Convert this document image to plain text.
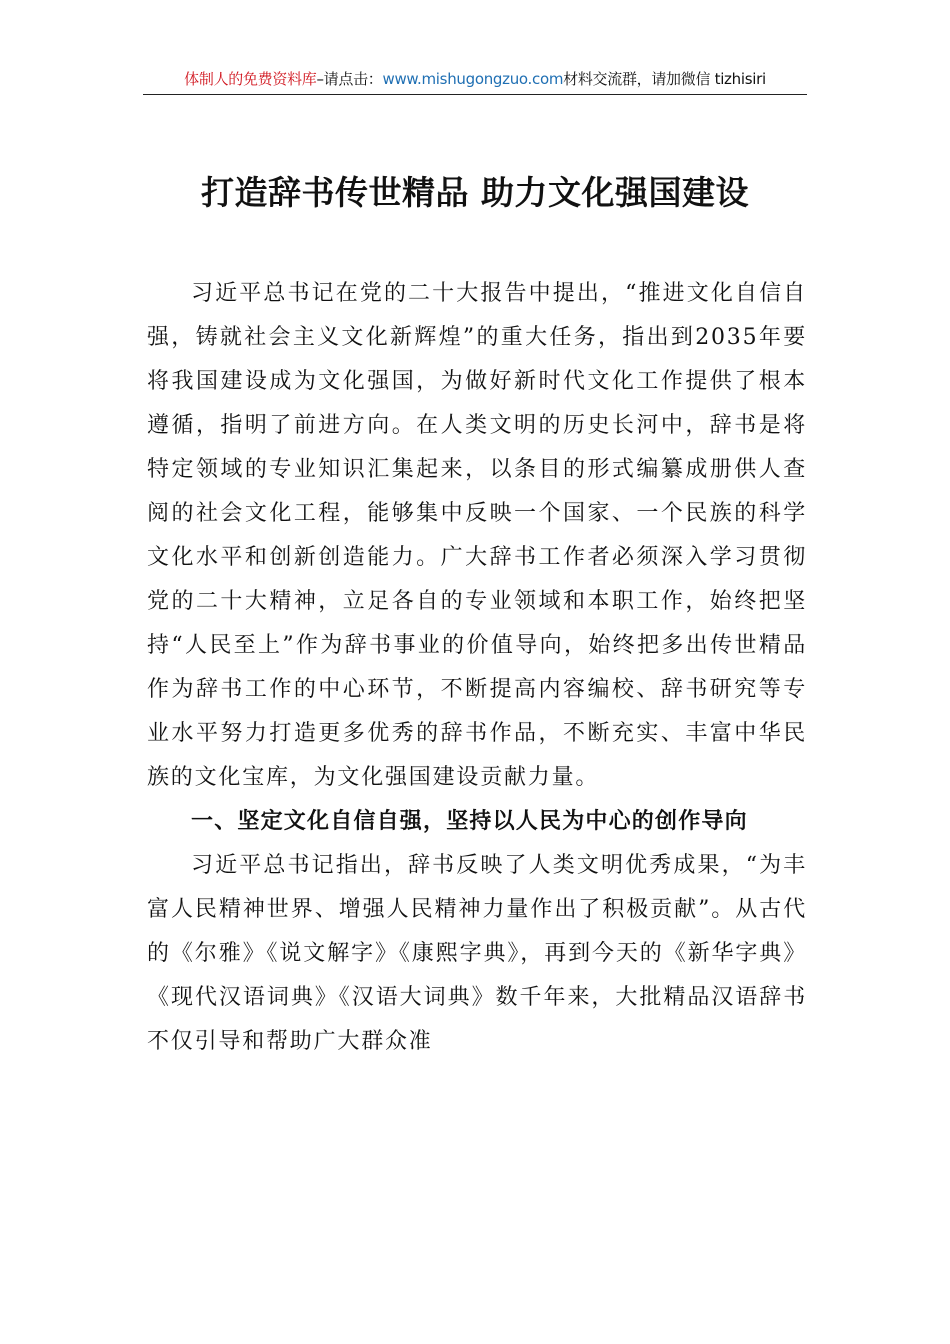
体制人的免费资料库–请点击：www.mishugongzuo.com材料交流群，请加微信 tizhisiri
打造辞书传世精品 助力文化强国建设

习近平总书记在党的二十大报告中提出，“推进文化自信自强，铸就社会主义文化新辉煌”的重大任务，指出到2035年要将我国建设成为文化强国，为做好新时代文化工作提供了根本遵循，指明了前进方向。在人类文明的历史长河中，辞书是将特定领域的专业知识汇集起来，以条目的形式编纂成册供人查阅的社会文化工程，能够集中反映一个国家、一个民族的科学文化水平和创新创造能力。广大辞书工作者必须深入学习贯彻党的二十大精神，立足各自的专业领域和本职工作，始终把坚持“人民至上”作为辞书事业的价值导向，始终把多出传世精品作为辞书工作的中心环节，不断提高内容编校、辞书研究等专业水平努力打造更多优秀的辞书作品，不断充实、丰富中华民族的文化宝库，为文化强国建设贡献力量。

一、坚定文化自信自强，坚持以人民为中心的创作导向

习近平总书记指出，辞书反映了人类文明优秀成果，“为丰富人民精神世界、增强人民精神力量作出了积极贡献”。从古代的《尔雅》《说文解字》《康熙字典》，再到今天的《新华字典》《现代汉语词典》《汉语大词典》数千年来，大批精品汉语辞书不仅引导和帮助广大群众准
